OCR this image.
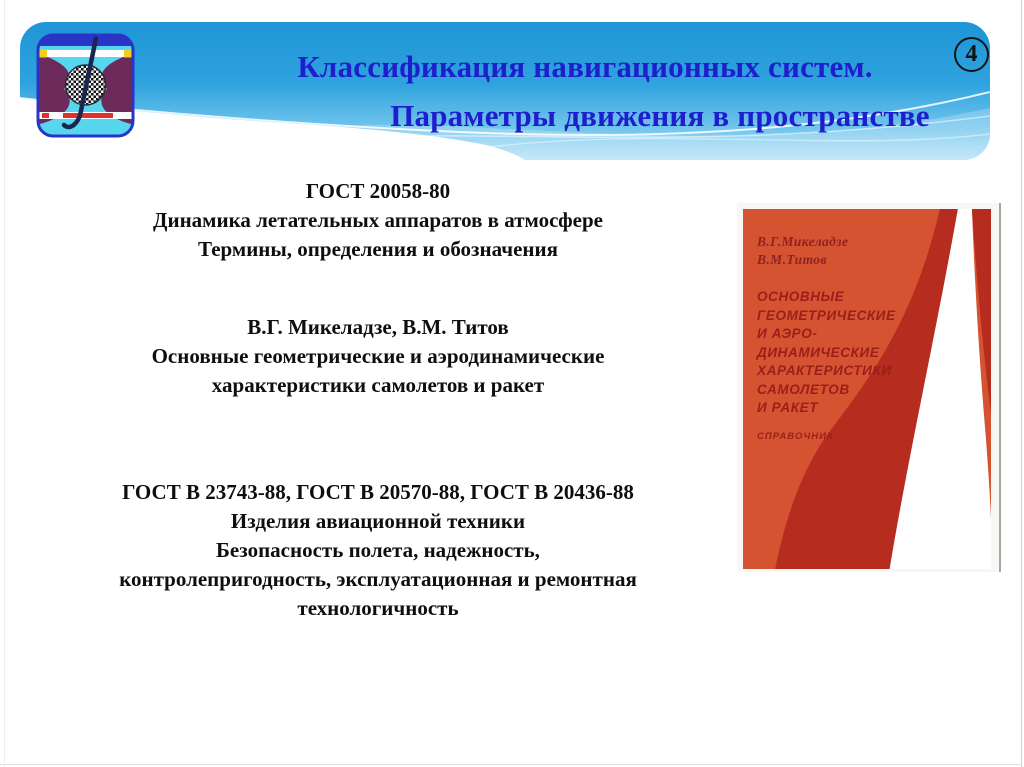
Классификация навигационных систем.
Параметры движения в пространстве
4

ГОСТ 20058-80
Динамика летательных аппаратов в атмосфере
Термины, определения и обозначения

В.Г. Микеладзе, В.М. Титов
Основные геометрические и аэродинамические
характеристики самолетов и ракет

ГОСТ В 23743-88, ГОСТ В 20570-88, ГОСТ В 20436-88
Изделия авиационной техники
Безопасность полета, надежность,
контролепригодность, эксплуатационная и ремонтная
технологичность

В.Г.Микеладзе
В.М.Титов
ОСНОВНЫЕ
ГЕОМЕТРИЧЕСКИЕ
И АЭРО-
ДИНАМИЧЕСКИЕ
ХАРАКТЕРИСТИКИ
САМОЛЕТОВ
И РАКЕТ
СПРАВОЧНИК
